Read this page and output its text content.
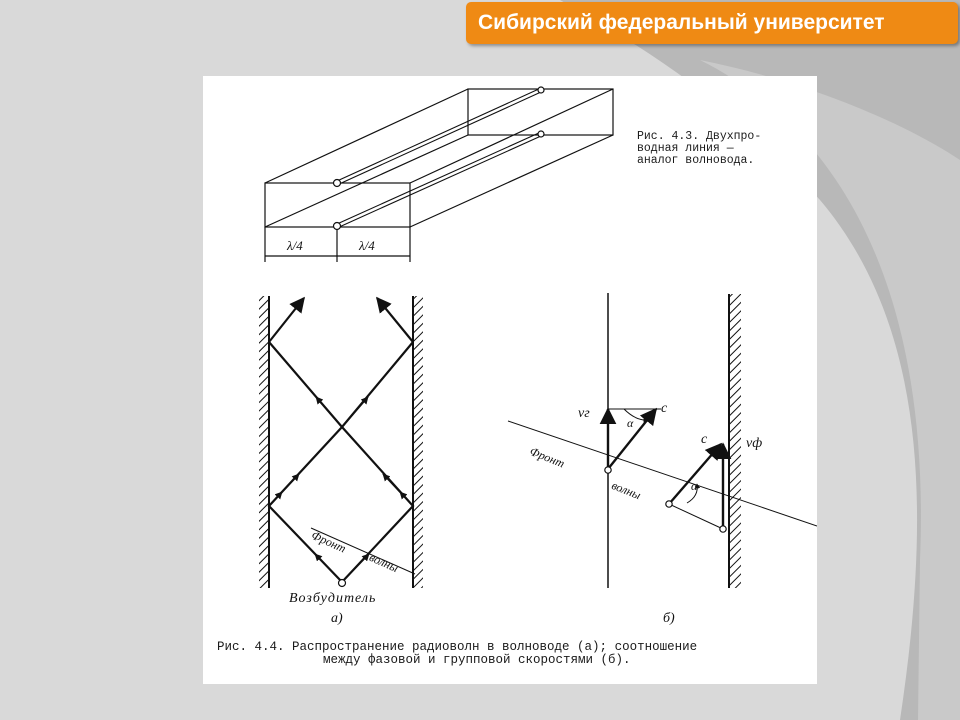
Сибирский федеральный университет
Рис. 4.3. Двухпро-
водная линия —
аналог волновода.
λ/4	λ/4
Фронт
волны
Возбудитель
а)
vг	c
α
c	vф
α
Фронт
волны
б)
Рис. 4.4. Распространение радиоволн в волноводе (а); соотношение
между фазовой и групповой скоростями (б).
